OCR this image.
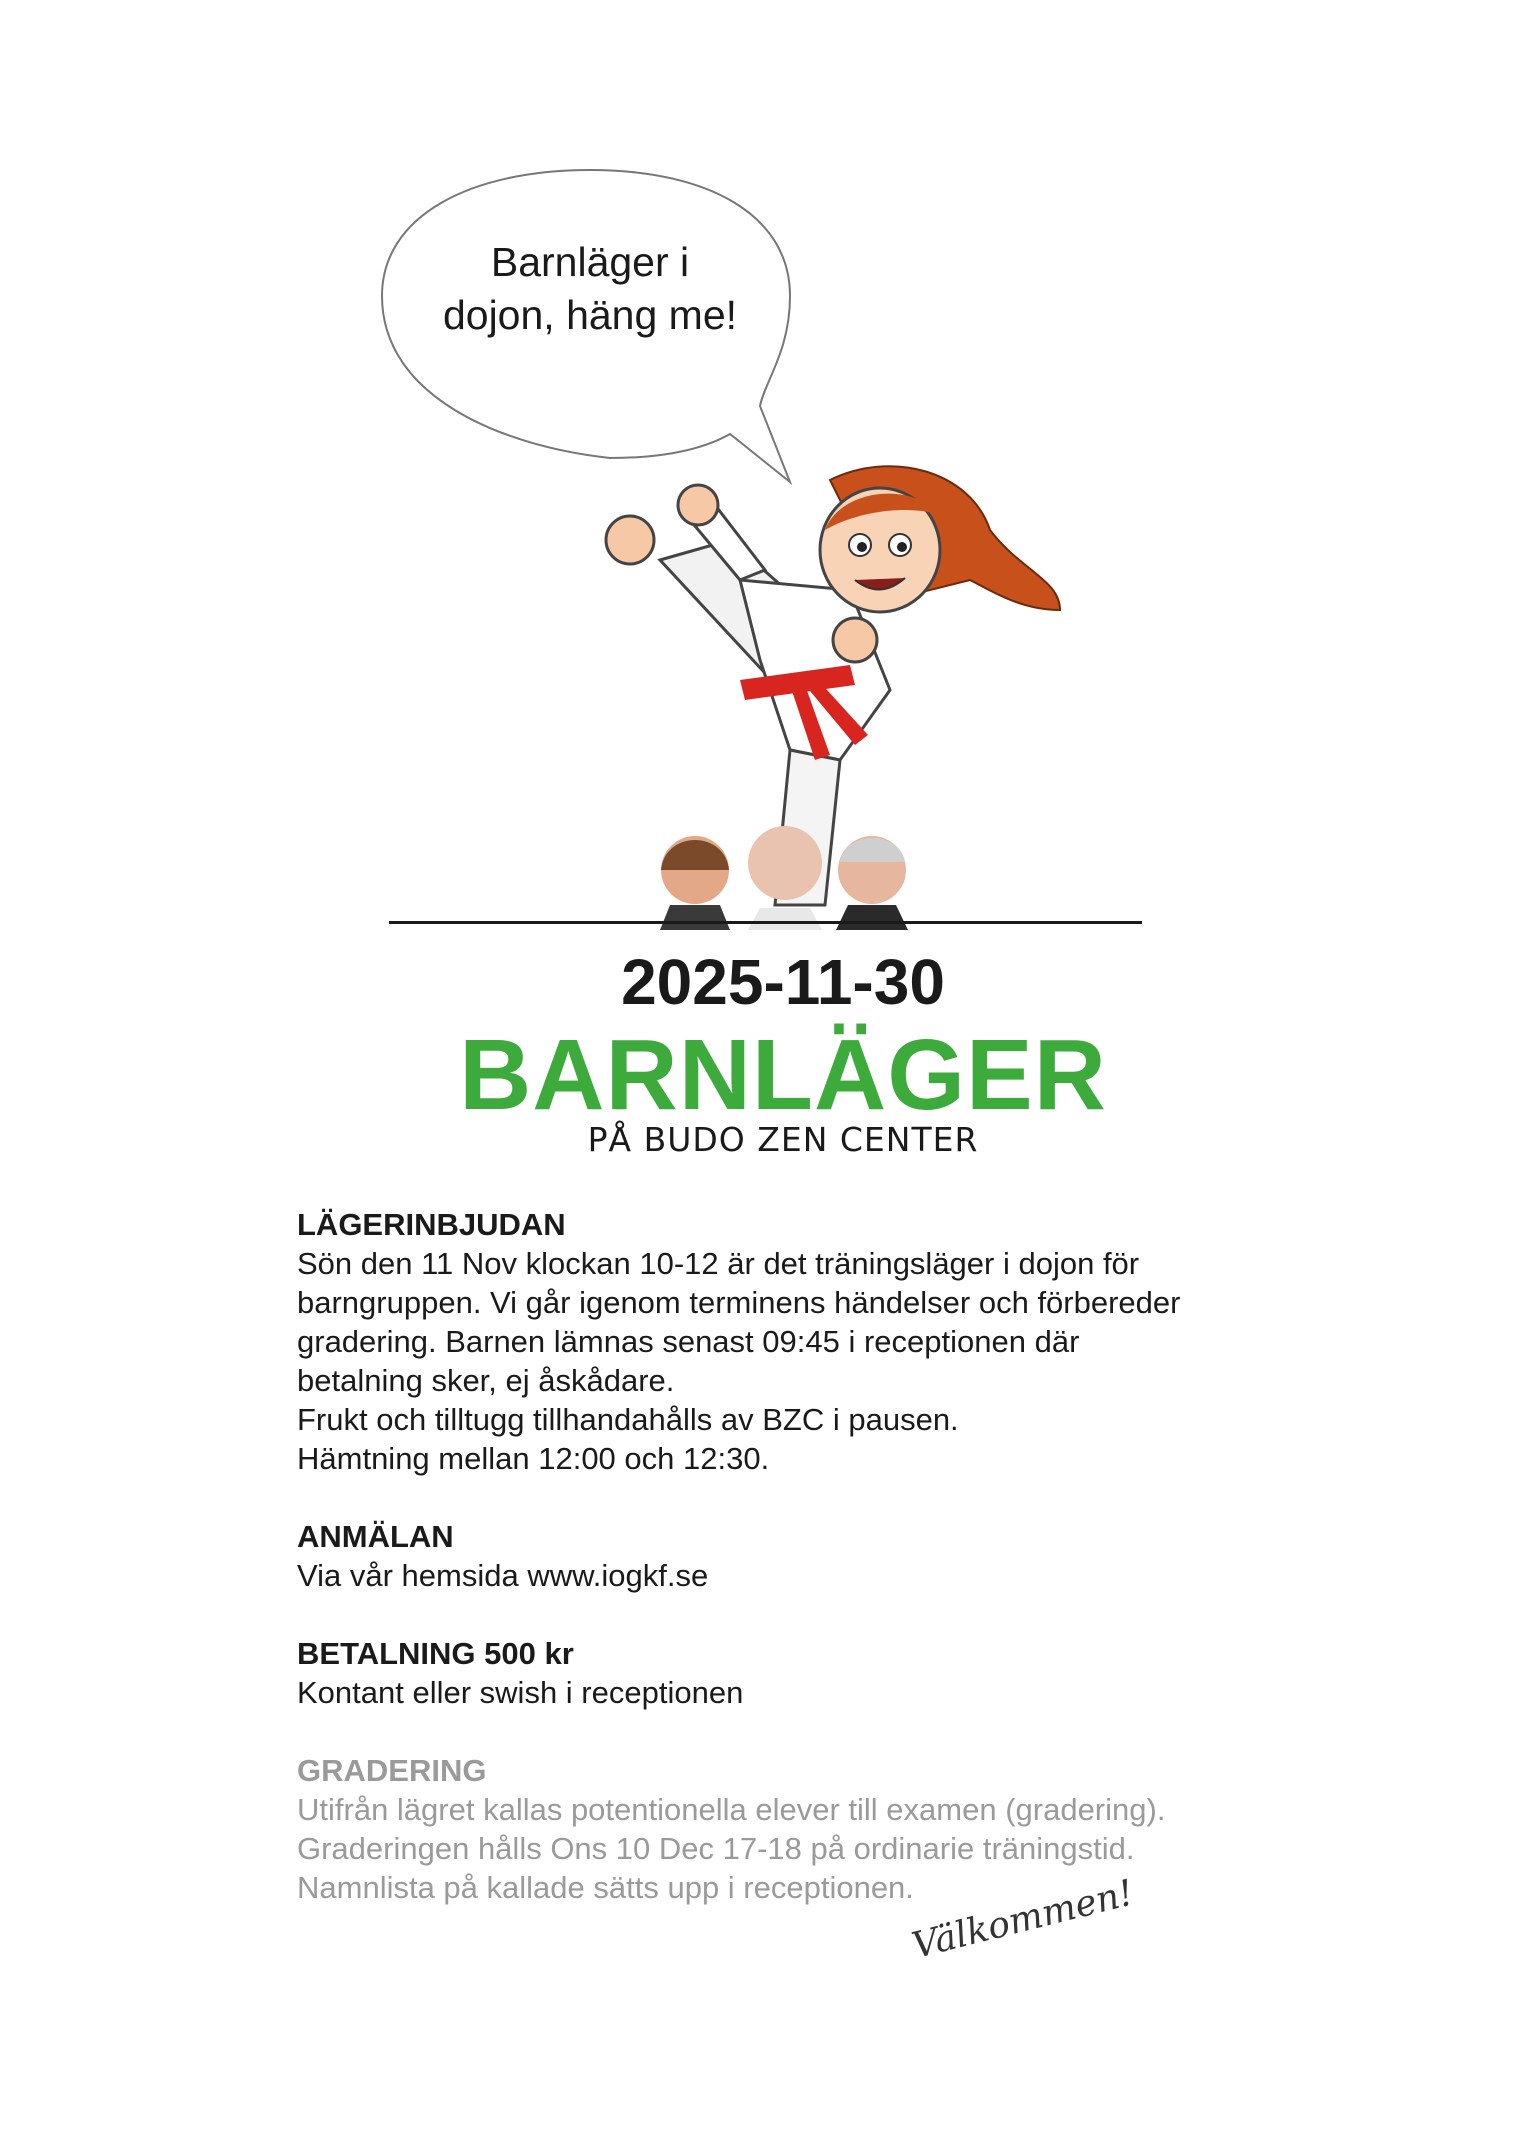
Barnläger i
dojon, häng me!
2025-11-30
BARNLÄGER
PÅ BUDO ZEN CENTER
LÄGERINBJUDAN

Sön den 11 Nov klockan 10-12 är det träningsläger i dojon för

barngruppen. Vi går igenom terminens händelser och förbereder

gradering. Barnen lämnas senast 09:45 i receptionen där

betalning sker, ej åskådare.

Frukt och tilltugg tillhandahålls av BZC i pausen.

Hämtning mellan 12:00 och 12:30.

ANMÄLAN

Via vår hemsida www.iogkf.se

BETALNING 500 kr

Kontant eller swish i receptionen

GRADERING

Utifrån lägret kallas potentionella elever till examen (gradering).

Graderingen hålls Ons 10 Dec 17-18 på ordinarie träningstid.

Namnlista på kallade sätts upp i receptionen.

Välkommen!
